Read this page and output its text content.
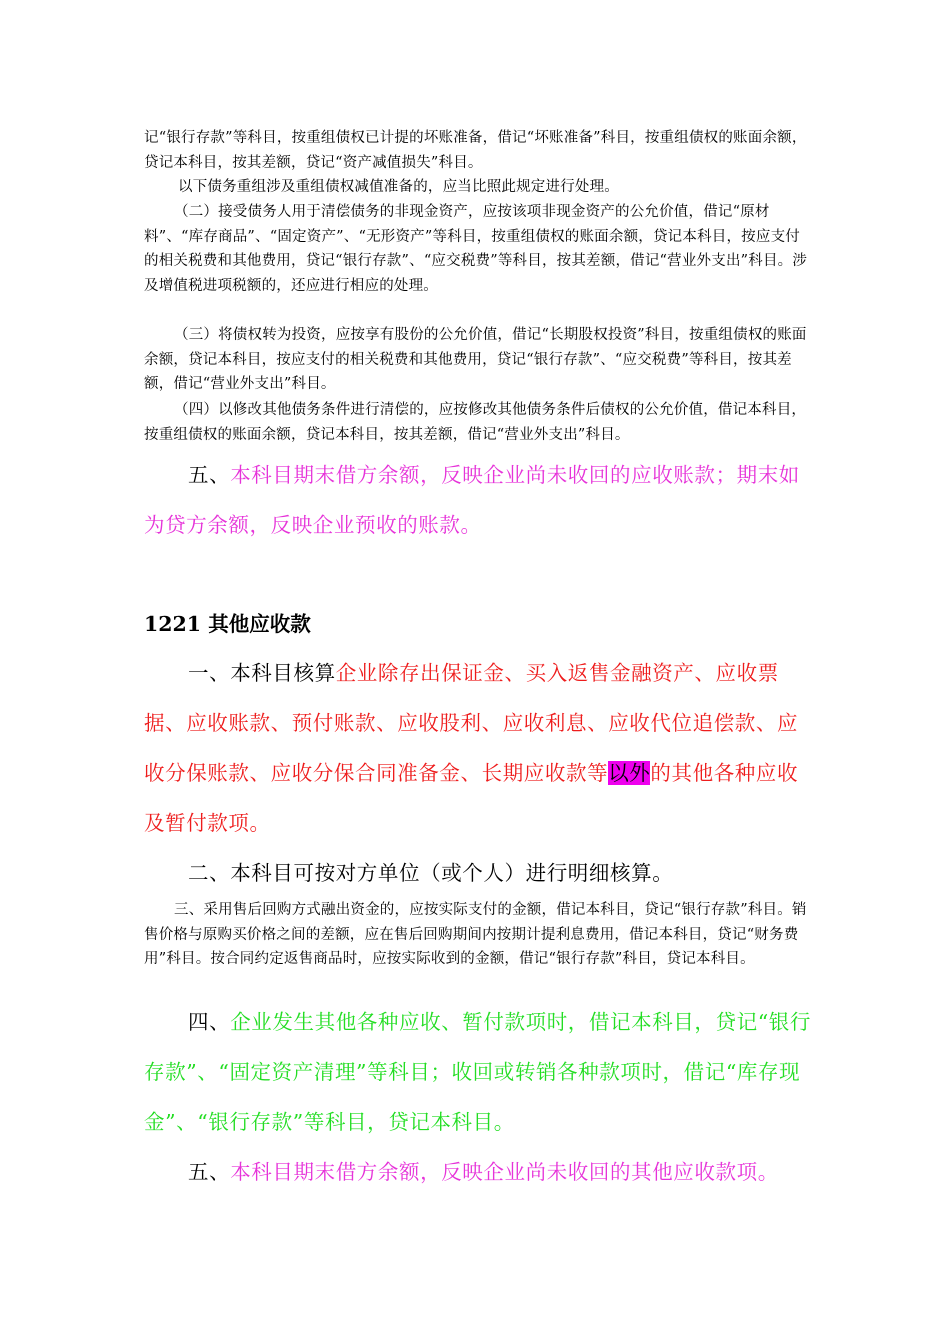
记“银行存款”等科目，按重组债权已计提的坏账准备，借记“坏账准备”科目，按重组债权的账面余额，贷记本科目，按其差额，贷记“资产减值损失”科目。

以下债务重组涉及重组债权减值准备的，应当比照此规定进行处理。

（二）接受债务人用于清偿债务的非现金资产，应按该项非现金资产的公允价值，借记“原材料”、“库存商品”、“固定资产”、“无形资产”等科目，按重组债权的账面余额，贷记本科目，按应支付的相关税费和其他费用，贷记“银行存款”、“应交税费”等科目，按其差额，借记“营业外支出”科目。涉及增值税进项税额的，还应进行相应的处理。

（三）将债权转为投资，应按享有股份的公允价值，借记“长期股权投资”科目，按重组债权的账面余额，贷记本科目，按应支付的相关税费和其他费用，贷记“银行存款”、“应交税费”等科目，按其差额，借记“营业外支出”科目。

（四）以修改其他债务条件进行清偿的，应按修改其他债务条件后债权的公允价值，借记本科目，按重组债权的账面余额，贷记本科目，按其差额，借记“营业外支出”科目。

五、本科目期末借方余额，反映企业尚未收回的应收账款；期末如为贷方余额，反映企业预收的账款。

1221 其他应收款

一、本科目核算企业除存出保证金、买入返售金融资产、应收票据、应收账款、预付账款、应收股利、应收利息、应收代位追偿款、应收分保账款、应收分保合同准备金、长期应收款等以外的其他各种应收及暂付款项。

二、本科目可按对方单位（或个人）进行明细核算。

三、采用售后回购方式融出资金的，应按实际支付的金额，借记本科目，贷记“银行存款”科目。销售价格与原购买价格之间的差额，应在售后回购期间内按期计提利息费用，借记本科目，贷记“财务费用”科目。按合同约定返售商品时，应按实际收到的金额，借记“银行存款”科目，贷记本科目。

四、企业发生其他各种应收、暂付款项时，借记本科目，贷记“银行存款”、“固定资产清理”等科目；收回或转销各种款项时，借记“库存现金”、“银行存款”等科目，贷记本科目。

五、本科目期末借方余额，反映企业尚未收回的其他应收款项。
